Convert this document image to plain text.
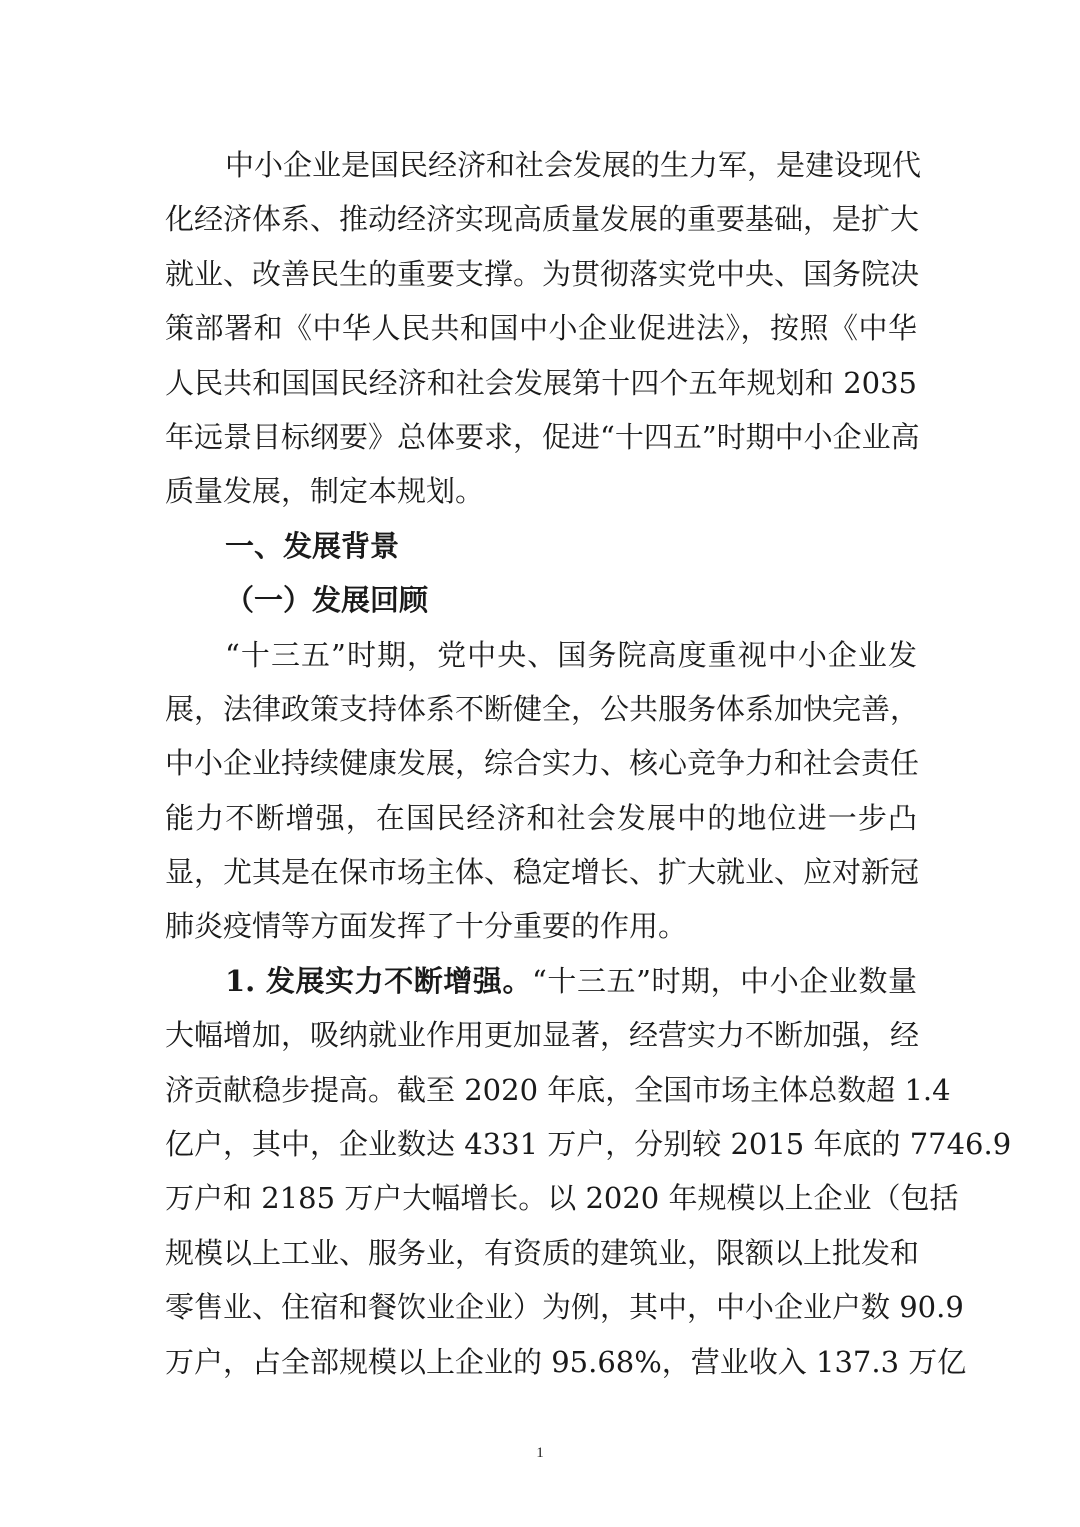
中小企业是国民经济和社会发展的生力军，是建设现代
化经济体系、推动经济实现高质量发展的重要基础，是扩大
就业、改善民生的重要支撑。为贯彻落实党中央、国务院决
策部署和《中华人民共和国中小企业促进法》，按照《中华
人民共和国国民经济和社会发展第十四个五年规划和 2035
年远景目标纲要》总体要求，促进“十四五”时期中小企业高
质量发展，制定本规划。
一、发展背景
（一）发展回顾
“十三五”时期，党中央、国务院高度重视中小企业发
展，法律政策支持体系不断健全，公共服务体系加快完善，
中小企业持续健康发展，综合实力、核心竞争力和社会责任
能力不断增强，在国民经济和社会发展中的地位进一步凸
显，尤其是在保市场主体、稳定增长、扩大就业、应对新冠
肺炎疫情等方面发挥了十分重要的作用。
1. 发展实力不断增强。“十三五”时期，中小企业数量
大幅增加，吸纳就业作用更加显著，经营实力不断加强，经
济贡献稳步提高。截至 2020 年底，全国市场主体总数超 1.4
亿户，其中，企业数达 4331 万户，分别较 2015 年底的 7746.9
万户和 2185 万户大幅增长。以 2020 年规模以上企业（包括
规模以上工业、服务业，有资质的建筑业，限额以上批发和
零售业、住宿和餐饮业企业）为例，其中，中小企业户数 90.9
万户，占全部规模以上企业的 95.68%，营业收入 137.3 万亿
1
